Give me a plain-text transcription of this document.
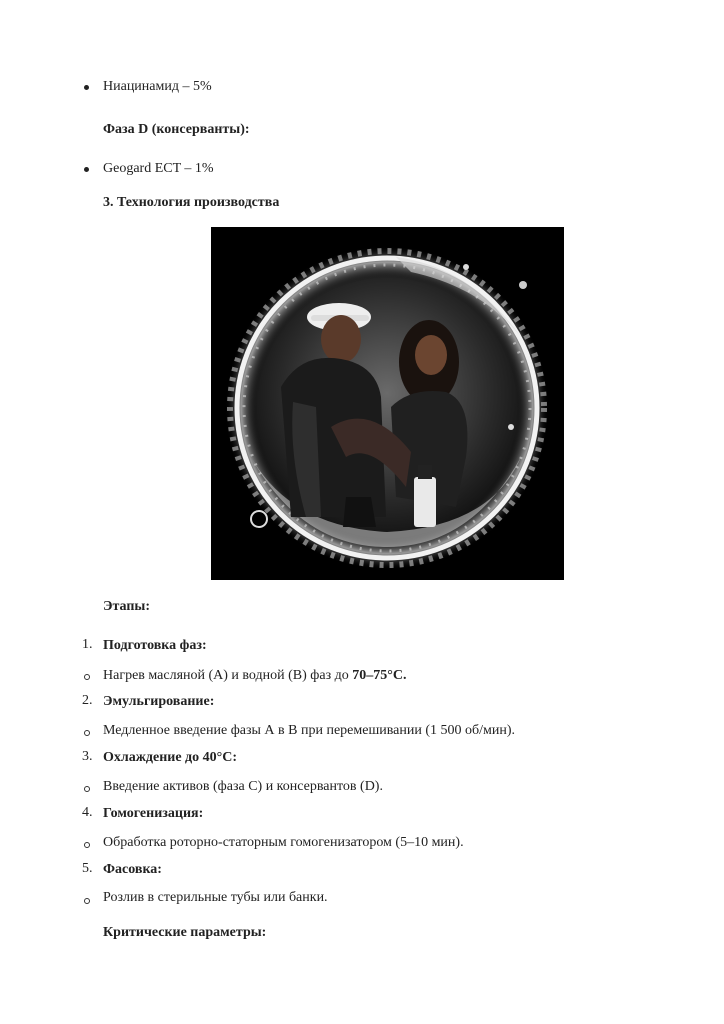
Ниацинамид – 5%
Фаза D (консерванты):
Geogard ECT – 1%
3. Технология производства
Этапы:
1. Подготовка фаз:
Нагрев масляной (А) и водной (В) фаз до 70–75°С.
2. Эмульгирование:
Медленное введение фазы А в В при перемешивании (1 500 об/мин).
3. Охлаждение до 40°С:
Введение активов (фаза С) и консервантов (D).
4. Гомогенизация:
Обработка роторно-статорным гомогенизатором (5–10 мин).
5. Фасовка:
Розлив в стерильные тубы или банки.
Критические параметры:
